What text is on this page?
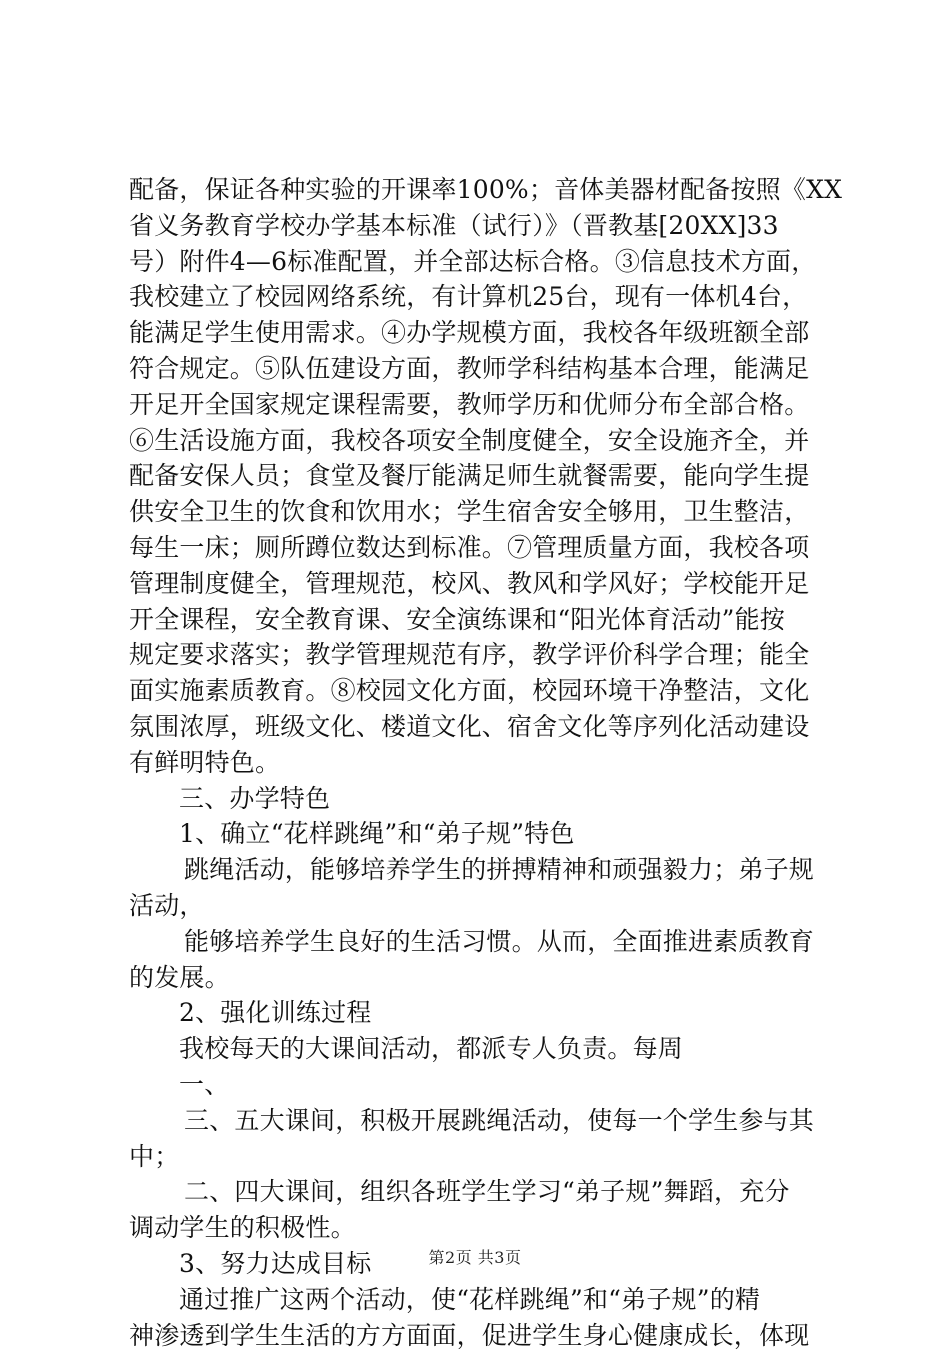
配备，保证各种实验的开课率100%；音体美器材配备按照《XX
省义务教育学校办学基本标准（试行）》（晋教基[20XX]33
号）附件4—6标准配置，并全部达标合格。③信息技术方面，
我校建立了校园网络系统，有计算机25台，现有一体机4台，
能满足学生使用需求。④办学规模方面，我校各年级班额全部
符合规定。⑤队伍建设方面，教师学科结构基本合理，能满足
开足开全国家规定课程需要，教师学历和优师分布全部合格。
⑥生活设施方面，我校各项安全制度健全，安全设施齐全，并
配备安保人员；食堂及餐厅能满足师生就餐需要，能向学生提
供安全卫生的饮食和饮用水；学生宿舍安全够用，卫生整洁，
每生一床；厕所蹲位数达到标准。⑦管理质量方面，我校各项
管理制度健全，管理规范，校风、教风和学风好；学校能开足
开全课程，安全教育课、安全演练课和“阳光体育活动”能按
规定要求落实；教学管理规范有序，教学评价科学合理；能全
面实施素质教育。⑧校园文化方面，校园环境干净整洁，文化
氛围浓厚，班级文化、楼道文化、宿舍文化等序列化活动建设
有鲜明特色。
三、办学特色
1、确立“花样跳绳”和“弟子规”特色
跳绳活动，能够培养学生的拼搏精神和顽强毅力；弟子规
活动，
能够培养学生良好的生活习惯。从而，全面推进素质教育
的发展。
2、强化训练过程
我校每天的大课间活动，都派专人负责。每周
一、
三、五大课间，积极开展跳绳活动，使每一个学生参与其
中；
二、四大课间，组织各班学生学习“弟子规”舞蹈，充分
调动学生的积极性。
3、努力达成目标
通过推广这两个活动，使“花样跳绳”和“弟子规”的精
神渗透到学生生活的方方面面，促进学生身心健康成长，体现
第2页 共3页
